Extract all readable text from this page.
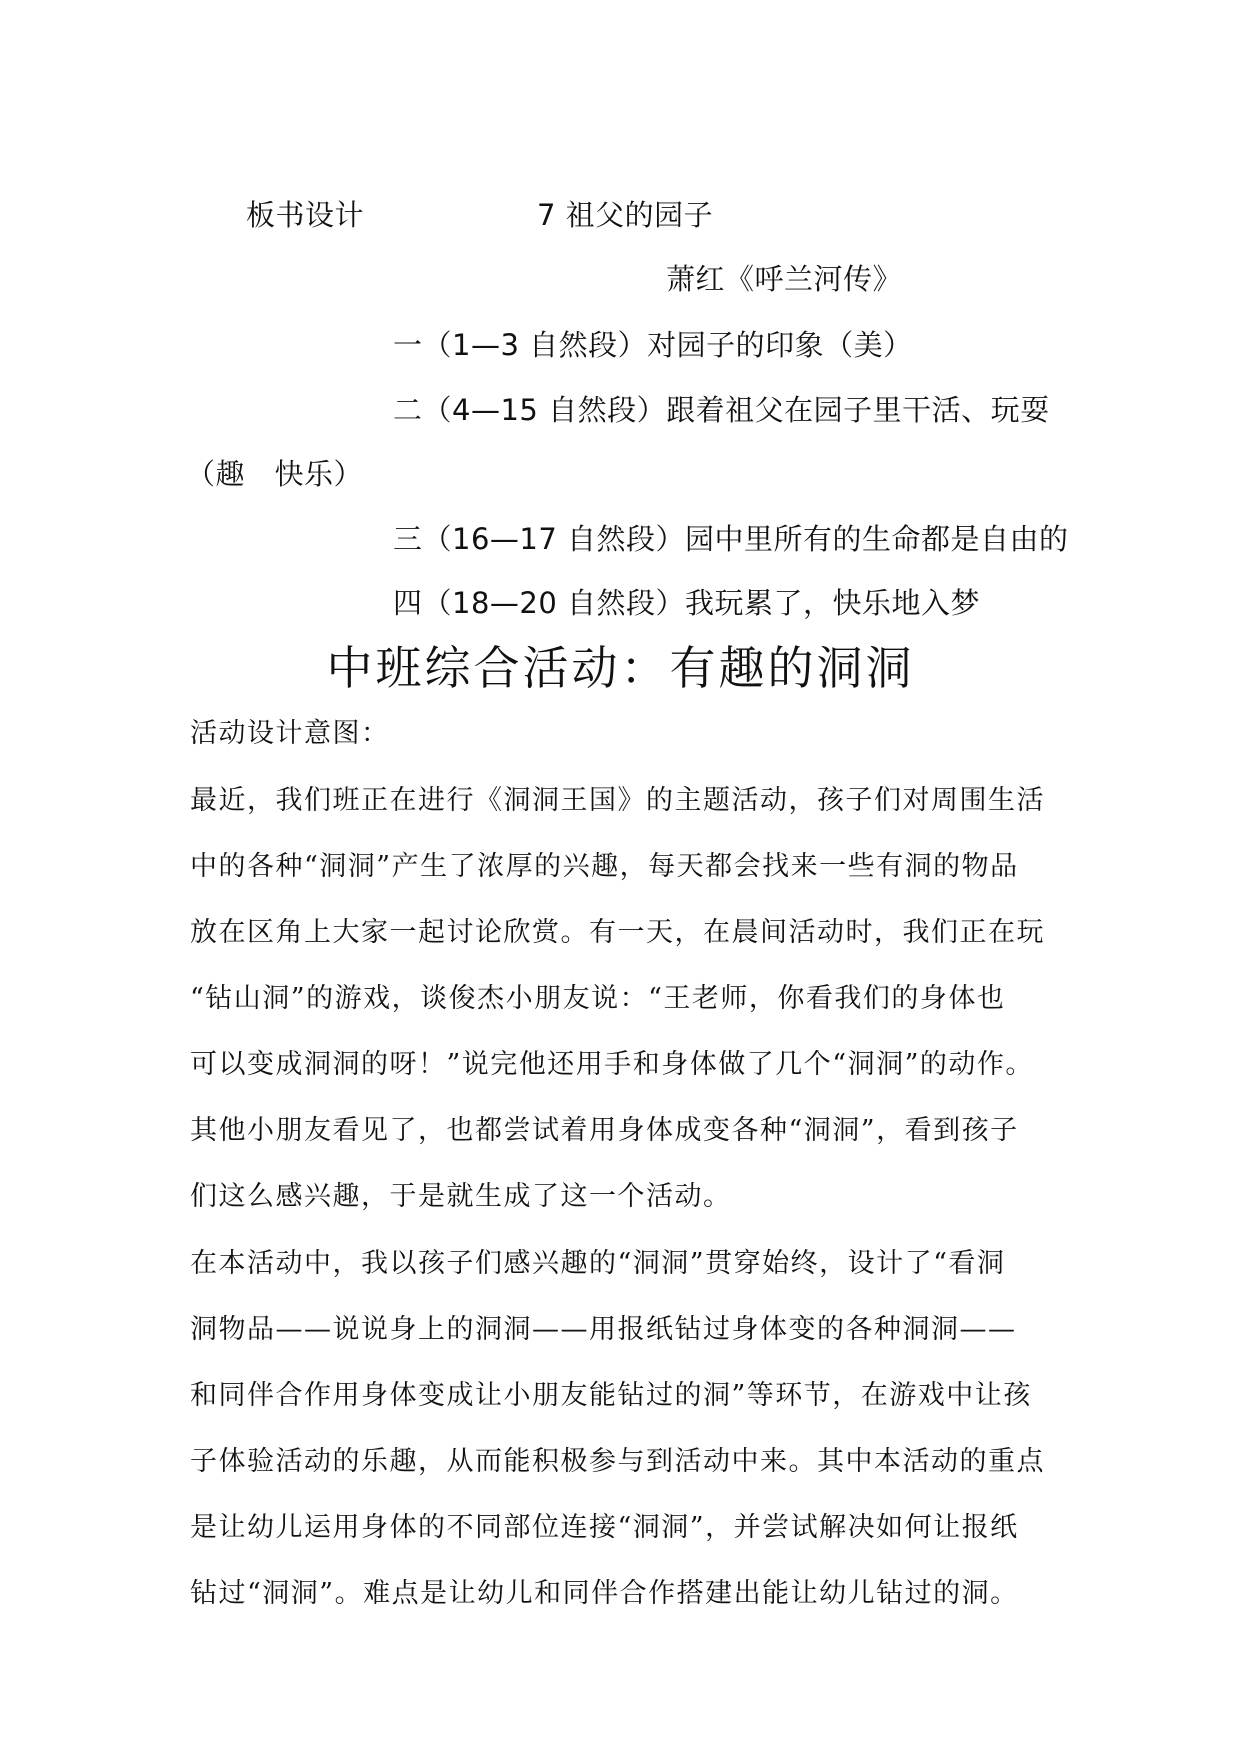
板书设计	7 祖父的园子
萧红《呼兰河传》
一（1—3 自然段）对园子的印象（美）
二（4—15 自然段）跟着祖父在园子里干活、玩耍
（趣　快乐）
三（16—17 自然段）园中里所有的生命都是自由的
四（18—20 自然段）我玩累了，快乐地入梦
中班综合活动：有趣的洞洞
活动设计意图：
最近，我们班正在进行《洞洞王国》的主题活动，孩子们对周围生活
中的各种“洞洞”产生了浓厚的兴趣，每天都会找来一些有洞的物品
放在区角上大家一起讨论欣赏。有一天，在晨间活动时，我们正在玩
“钻山洞”的游戏，谈俊杰小朋友说：“王老师，你看我们的身体也
可以变成洞洞的呀！”说完他还用手和身体做了几个“洞洞”的动作。
其他小朋友看见了，也都尝试着用身体成变各种“洞洞”，看到孩子
们这么感兴趣，于是就生成了这一个活动。
在本活动中，我以孩子们感兴趣的“洞洞”贯穿始终，设计了“看洞
洞物品——说说身上的洞洞——用报纸钻过身体变的各种洞洞——
和同伴合作用身体变成让小朋友能钻过的洞”等环节，在游戏中让孩
子体验活动的乐趣，从而能积极参与到活动中来。其中本活动的重点
是让幼儿运用身体的不同部位连接“洞洞”，并尝试解决如何让报纸
钻过“洞洞”。难点是让幼儿和同伴合作搭建出能让幼儿钻过的洞。
